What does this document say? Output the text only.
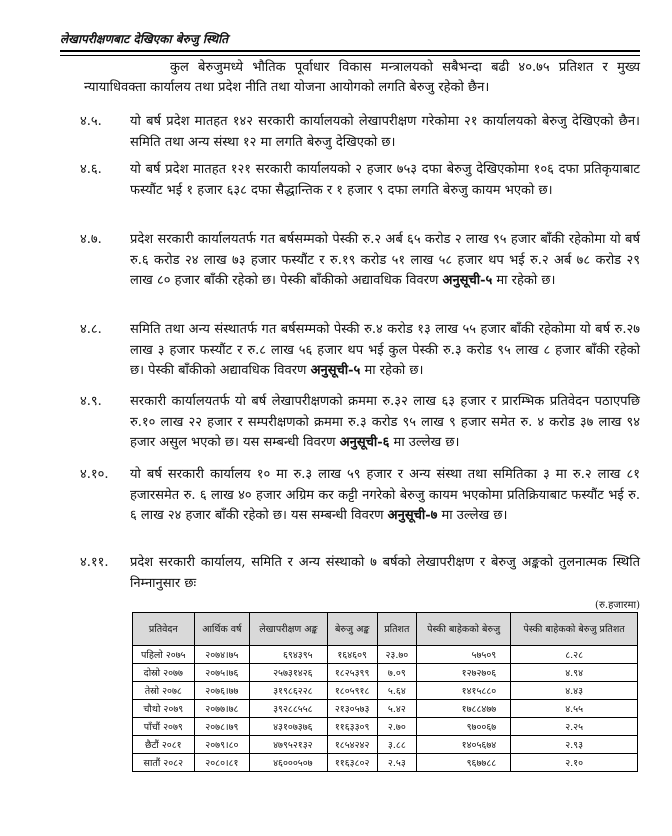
लेखापरीक्षणबाट देखिएका बेरुजु स्थिति

कुल बेरुजुमध्ये भौतिक पूर्वाधार विकास मन्त्रालयको सबैभन्दा बढी ४०.७५ प्रतिशत र मुख्य न्यायाधिवक्ता कार्यालय तथा प्रदेश नीति तथा योजना आयोगको लगति बेरुजु रहेको छैन।

४.५.	यो बर्ष प्रदेश मातहत १४२ सरकारी कार्यालयको लेखापरीक्षण गरेकोमा २१ कार्यालयको बेरुजु देखिएको छैन। समिति तथा अन्य संस्था १२ मा लगति बेरुजु देखिएको छ।
४.६.	यो बर्ष प्रदेश मातहत १२१ सरकारी कार्यालयको २ हजार ७५३ दफा बेरुजु देखिएकोमा १०६ दफा प्रतिकृयाबाट फस्यौंट भई १ हजार ६३८ दफा सैद्धान्तिक र १ हजार ९ दफा लगति बेरुजु कायम भएको छ।
४.७.	प्रदेश सरकारी कार्यालयतर्फ गत बर्षसम्मको पेस्की रु.२ अर्ब ६५ करोड २ लाख ९५ हजार बाँकी रहेकोमा यो बर्ष रु.६ करोड २४ लाख ७३ हजार फस्यौंट र रु.१९ करोड ५१ लाख ५८ हजार थप भई रु.२ अर्ब ७८ करोड २९ लाख ८० हजार बाँकी रहेको छ। पेस्की बाँकीको अद्यावधिक विवरण अनुसूची-५ मा रहेको छ।
४.८.	समिति तथा अन्य संस्थातर्फ गत बर्षसम्मको पेस्की रु.४ करोड १३ लाख ५५ हजार बाँकी रहेकोमा यो बर्ष रु.२७ लाख ३ हजार फस्यौंट र रु.८ लाख ५६ हजार थप भई कुल पेस्की रु.३ करोड ९५ लाख ८ हजार बाँकी रहेको छ। पेस्की बाँकीको अद्यावधिक विवरण अनुसूची-५ मा रहेको छ।
४.९.	सरकारी कार्यालयतर्फ यो बर्ष लेखापरीक्षणको क्रममा रु.३२ लाख ६३ हजार र प्रारम्भिक प्रतिवेदन पठाएपछि रु.१० लाख २२ हजार र सम्परीक्षणको क्रममा रु.३ करोड ९५ लाख ९ हजार समेत रु. ४ करोड ३७ लाख ९४ हजार असुल भएको छ। यस सम्बन्धी विवरण अनुसूची-६ मा उल्लेख छ।
४.१०.	यो बर्ष सरकारी कार्यालय १० मा रु.३ लाख ५९ हजार र अन्य संस्था तथा समितिका ३ मा रु.२ लाख ८१ हजारसमेत रु. ६ लाख ४० हजार अग्रिम कर कट्टी नगरेको बेरुजु कायम भएकोमा प्रतिक्रियाबाट फस्यौंट भई रु. ६ लाख २४ हजार बाँकी रहेको छ। यस सम्बन्धी विवरण अनुसूची-७ मा उल्लेख छ।
४.११.	प्रदेश सरकारी कार्यालय, समिति र अन्य संस्थाको ७ बर्षको लेखापरीक्षण र बेरुजु अङ्कको तुलनात्मक स्थिति निम्नानुसार छः
(रु.हजारमा)
प्रतिवेदन	आर्थिक वर्ष	लेखापरीक्षण अङ्क	बेरुजु अङ्क	प्रतिशत	पेस्की बाहेकको बेरुजु	पेस्की बाहेकको बेरुजु प्रतिशत
पहिलो २०७५	२०७४।७५	६९४३९५	१६४६०९	२३.७०	५७५०९	८.२८
दोस्रो २०७७	२०७५।७६	२५७३१४२६	१८२५३९९	७.०९	१२७२७०६	४.९४
तेस्रो २०७८	२०७६।७७	३१९८६२२८	१८०५९१८	५.६४	१४१५८८०	४.४३
चौथो २०७९	२०७७।७८	३९२८८५५८	२१३०५७३	५.४२	१७८८४७७	४.५५
पाँचौं २०७९	२०७८।७९	४३१०७३७६	११६३३०९	२.७०	९७००६७	२.२५
छैटौं २०८१	२०७९।८०	४७९५२१३२	१८५४२४२	३.८८	१४०५६७४	२.९३
सातौं २०८२	२०८०।८१	४६०००५०७	११६३८०२	२.५३	९६७७८८	२.१०
